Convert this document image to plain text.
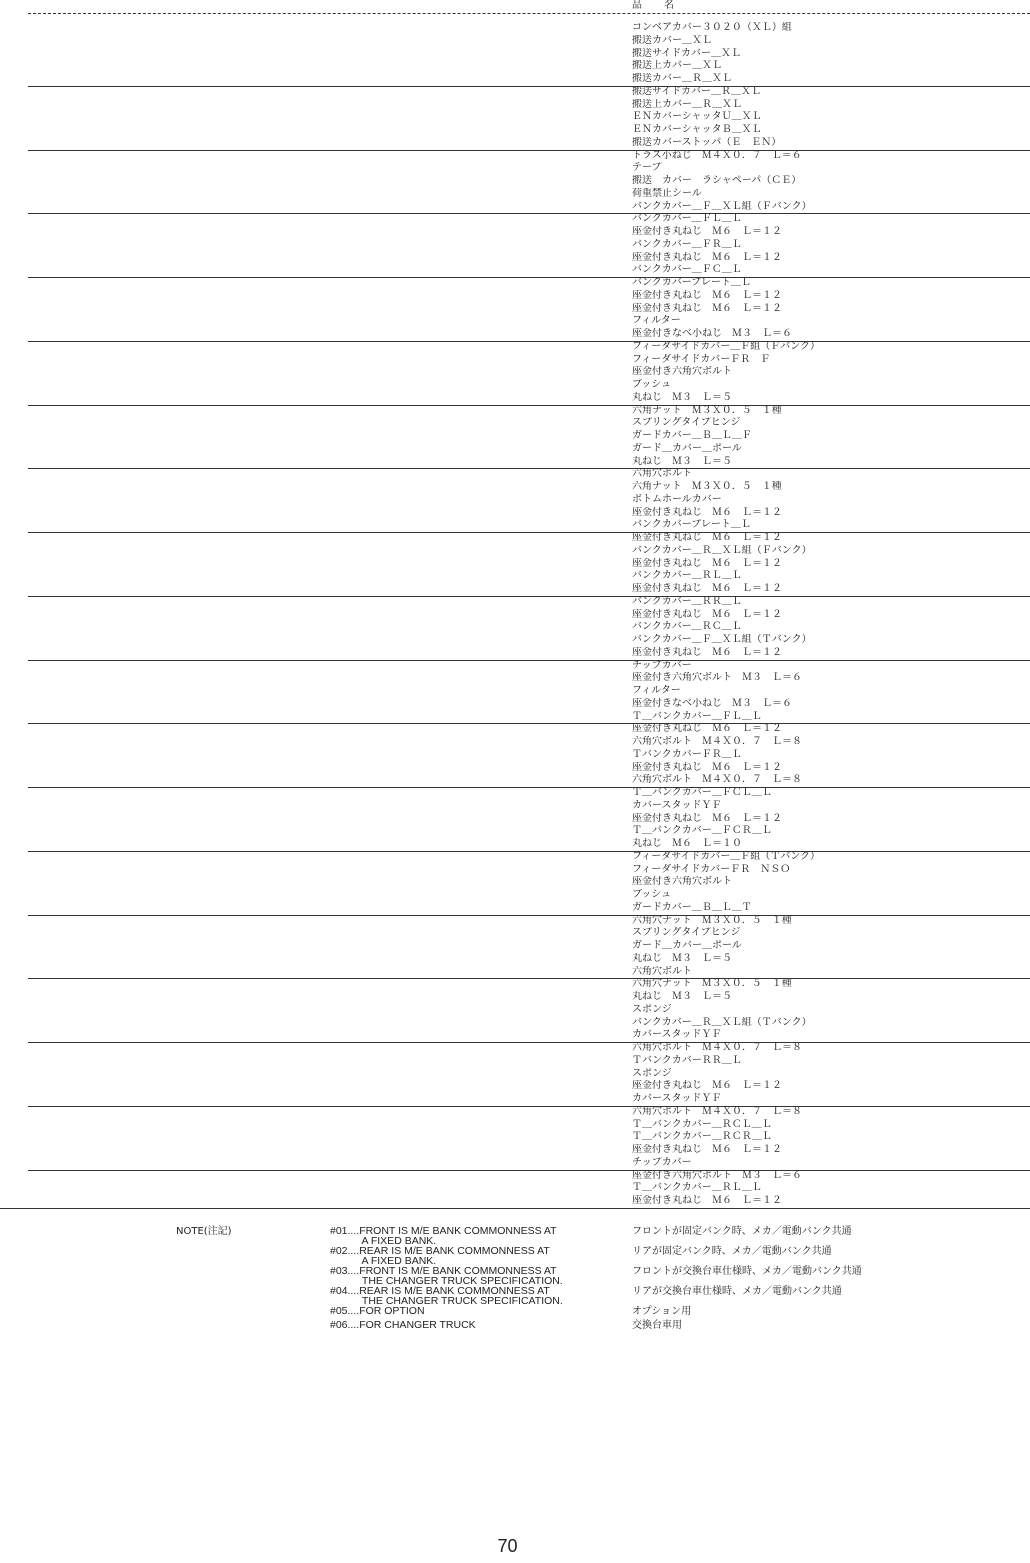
品　名
コンベアカバー３０２０（ＸＬ）組
搬送カバー＿ＸＬ
搬送サイドカバー＿ＸＬ
搬送上カバー＿ＸＬ
搬送カバー＿Ｒ＿ＸＬ
搬送サイドカバー＿Ｒ＿ＸＬ
搬送上カバー＿Ｒ＿ＸＬ
ＥＮカバーシャッタＵ＿ＸＬ
ＥＮカバーシャッタＢ＿ＸＬ
搬送カバーストッパ（Ｅ　ＥＮ）
トラス小ねじ　Ｍ４Ｘ０．７　Ｌ＝６
テープ
搬送　カバー　ラシャペーパ（ＣＥ）
荷重禁止シール
バンクカバー＿Ｆ＿ＸＬ組（Ｆバンク）
バンクカバー＿ＦＬ＿Ｌ
座金付き丸ねじ　Ｍ６　Ｌ＝１２
バンクカバー＿ＦＲ＿Ｌ
座金付き丸ねじ　Ｍ６　Ｌ＝１２
バンクカバー＿ＦＣ＿Ｌ
バンクカバープレート＿Ｌ
座金付き丸ねじ　Ｍ６　Ｌ＝１２
座金付き丸ねじ　Ｍ６　Ｌ＝１２
フィルター
座金付きなべ小ねじ　Ｍ３　Ｌ＝６
フィーダサイドカバー＿Ｆ組（Ｆバンク）
フィーダサイドカバーＦＲ　Ｆ
座金付き六角穴ボルト
ブッシュ
丸ねじ　Ｍ３　Ｌ＝５
六角ナット　Ｍ３Ｘ０．５　１種
スプリングタイプヒンジ
ガードカバー＿Ｂ＿Ｌ＿Ｆ
ガード＿カバー＿ポール
丸ねじ　Ｍ３　Ｌ＝５
六角穴ボルト
六角ナット　Ｍ３Ｘ０．５　１種
ボトムホールカバー
座金付き丸ねじ　Ｍ６　Ｌ＝１２
バンクカバープレート＿Ｌ
座金付き丸ねじ　Ｍ６　Ｌ＝１２
バンクカバー＿Ｒ＿ＸＬ組（Ｆバンク）
座金付き丸ねじ　Ｍ６　Ｌ＝１２
バンクカバー＿ＲＬ＿Ｌ
座金付き丸ねじ　Ｍ６　Ｌ＝１２
バンクカバー＿ＲＲ＿Ｌ
座金付き丸ねじ　Ｍ６　Ｌ＝１２
バンクカバー＿ＲＣ＿Ｌ
バンクカバー＿Ｆ＿ＸＬ組（Ｔバンク）
座金付き丸ねじ　Ｍ６　Ｌ＝１２
チップカバー
座金付き六角穴ボルト　Ｍ３　Ｌ＝６
フィルター
座金付きなべ小ねじ　Ｍ３　Ｌ＝６
Ｔ＿バンクカバー＿ＦＬ＿Ｌ
座金付き丸ねじ　Ｍ６　Ｌ＝１２
六角穴ボルト　Ｍ４Ｘ０．７　Ｌ＝８
ＴバンクカバーＦＲ＿Ｌ
座金付き丸ねじ　Ｍ６　Ｌ＝１２
六角穴ボルト　Ｍ４Ｘ０．７　Ｌ＝８
Ｔ＿バンクカバー＿ＦＣＬ＿Ｌ
カバースタッドＹＦ
座金付き丸ねじ　Ｍ６　Ｌ＝１２
Ｔ＿バンクカバー＿ＦＣＲ＿Ｌ
丸ねじ　Ｍ６　Ｌ＝１０
フィーダサイドカバー＿Ｆ組（Ｔバンク）
フィーダサイドカバーＦＲ　ＮＳＯ
座金付き六角穴ボルト
ブッシュ
ガードカバー＿Ｂ＿Ｌ＿Ｔ
六角穴ナット　Ｍ３Ｘ０．５　１種
スプリングタイプヒンジ
ガード＿カバー＿ポール
丸ねじ　Ｍ３　Ｌ＝５
六角穴ボルト
六角穴ナット　Ｍ３Ｘ０．５　１種
丸ねじ　Ｍ３　Ｌ＝５
スポンジ
バンクカバー＿Ｒ＿ＸＬ組（Ｔバンク）
カバースタッドＹＦ
六角穴ボルト　Ｍ４Ｘ０．７　Ｌ＝８
ＴバンクカバーＲＲ＿Ｌ
スポンジ
座金付き丸ねじ　Ｍ６　Ｌ＝１２
カバースタッドＹＦ
六角穴ボルト　Ｍ４Ｘ０．７　Ｌ＝８
Ｔ＿バンクカバー＿ＲＣＬ＿Ｌ
Ｔ＿バンクカバー＿ＲＣＲ＿Ｌ
座金付き丸ねじ　Ｍ６　Ｌ＝１２
チップカバー
座金付き六角穴ボルト　Ｍ３　Ｌ＝６
Ｔ＿バンクカバー＿ＲＬ＿Ｌ
座金付き丸ねじ　Ｍ６　Ｌ＝１２
NOTE(注記)	#01....FRONT IS M/E BANK COMMONNESS AT
A FIXED BANK.
フロントが固定バンク時、メカ／電動バンク共通
#02....REAR IS M/E BANK COMMONNESS AT
A FIXED BANK.
リアが固定バンク時、メカ／電動バンク共通
#03....FRONT IS M/E BANK COMMONNESS AT
THE CHANGER TRUCK SPECIFICATION.
フロントが交換台車仕様時、メカ／電動バンク共通
#04....REAR IS M/E BANK COMMONNESS AT
THE CHANGER TRUCK SPECIFICATION.
リアが交換台車仕様時、メカ／電動バンク共通
#05....FOR OPTION	オプション用
#06....FOR CHANGER TRUCK	交換台車用
70
